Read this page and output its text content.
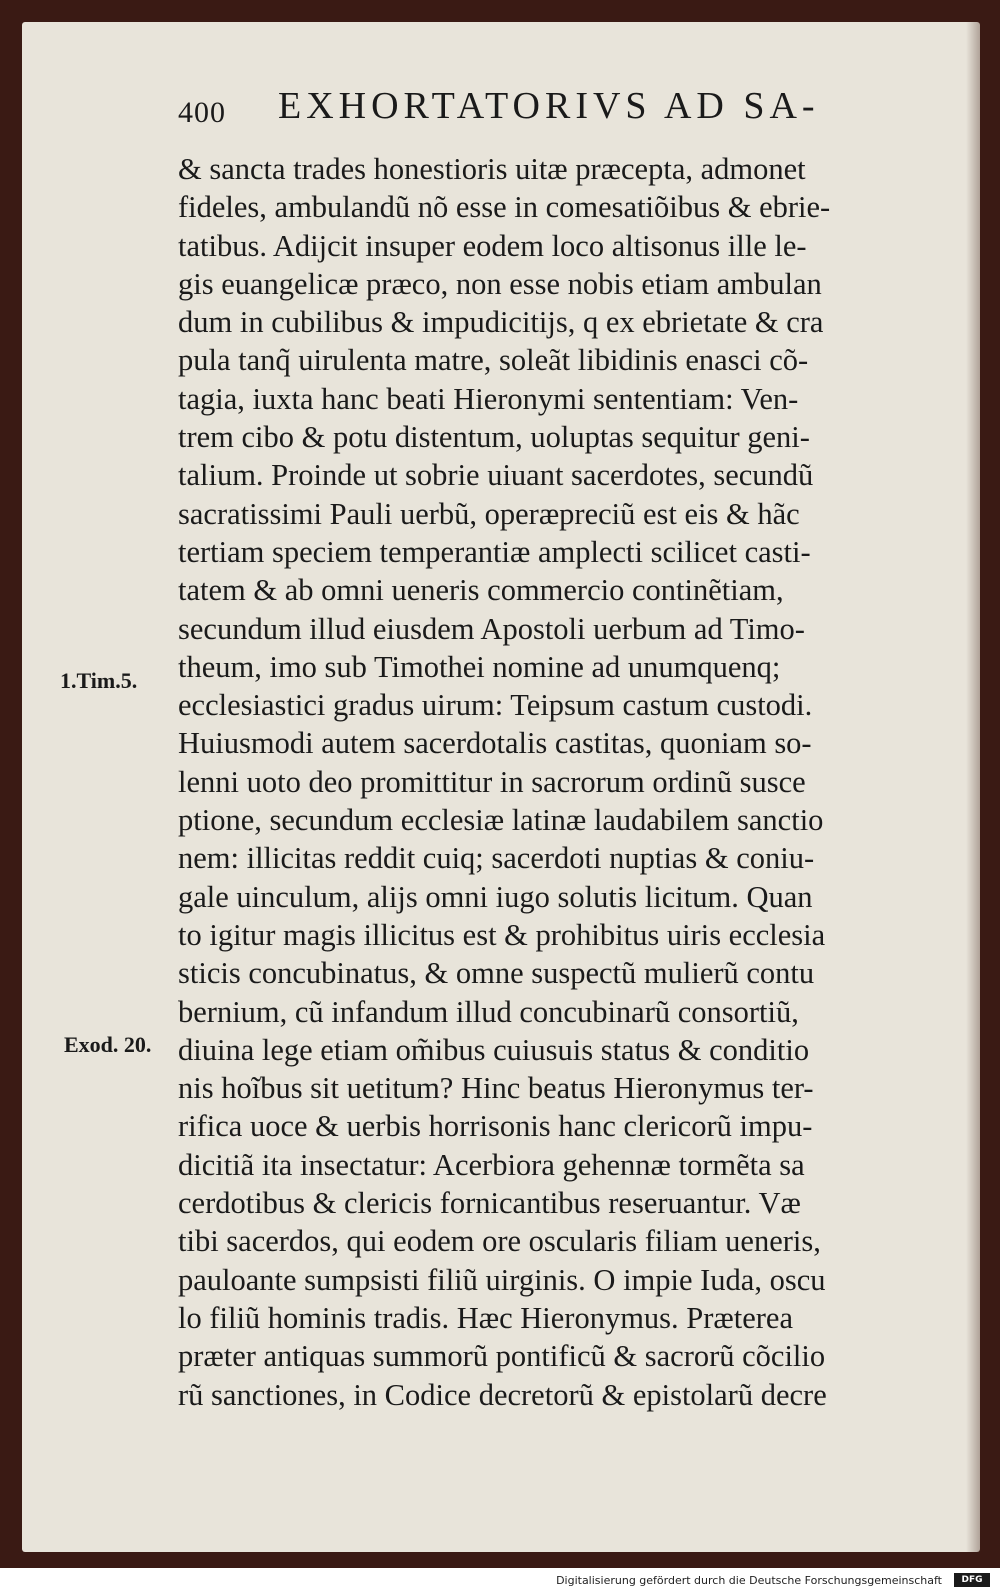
400 EXHORTATORIVS AD SA-
1.Tim.5.
Exod. 20.
& sancta trades honestioris uitæ præcepta, admonet
fideles, ambulandũ nõ esse in comesatiõibus & ebrie-
tatibus. Adijcit insuper eodem loco altisonus ille le-
gis euangelicæ præco, non esse nobis etiam ambulan
dum in cubilibus & impudicitijs, q ex ebrietate & cra
pula tanq̃ uirulenta matre, soleãt libidinis enasci cõ-
tagia, iuxta hanc beati Hieronymi sententiam: Ven-
trem cibo & potu distentum, uoluptas sequitur geni-
talium. Proinde ut sobrie uiuant sacerdotes, secundũ
sacratissimi Pauli uerbũ, operæpreciũ est eis & hãc
tertiam speciem temperantiæ amplecti scilicet casti-
tatem & ab omni ueneris commercio continẽtiam,
secundum illud eiusdem Apostoli uerbum ad Timo-
theum, imo sub Timothei nomine ad unumquenq;
ecclesiastici gradus uirum: Teipsum castum custodi.
Huiusmodi autem sacerdotalis castitas, quoniam so-
lenni uoto deo promittitur in sacrorum ordinũ susce
ptione, secundum ecclesiæ latinæ laudabilem sanctio
nem: illicitas reddit cuiq; sacerdoti nuptias & coniu-
gale uinculum, alijs omni iugo solutis licitum. Quan
to igitur magis illicitus est & prohibitus uiris ecclesia
sticis concubinatus, & omne suspectũ mulierũ contu
bernium, cũ infandum illud concubinarũ consortiũ,
diuina lege etiam om̃ibus cuiusuis status & conditio
nis hoĩbus sit uetitum? Hinc beatus Hieronymus ter-
rifica uoce & uerbis horrisonis hanc clericorũ impu-
dicitiã ita insectatur: Acerbiora gehennæ tormẽta sa
cerdotibus & clericis fornicantibus reseruantur. Væ
tibi sacerdos, qui eodem ore oscularis filiam ueneris,
pauloante sumpsisti filiũ uirginis. O impie Iuda, oscu
lo filiũ hominis tradis. Hæc Hieronymus. Præterea
præter antiquas summorũ pontificũ & sacrorũ cõcilio
rũ sanctiones, in Codice decretorũ & epistolarũ decre
Digitalisierung gefördert durch die Deutsche Forschungsgemeinschaft	DFG
